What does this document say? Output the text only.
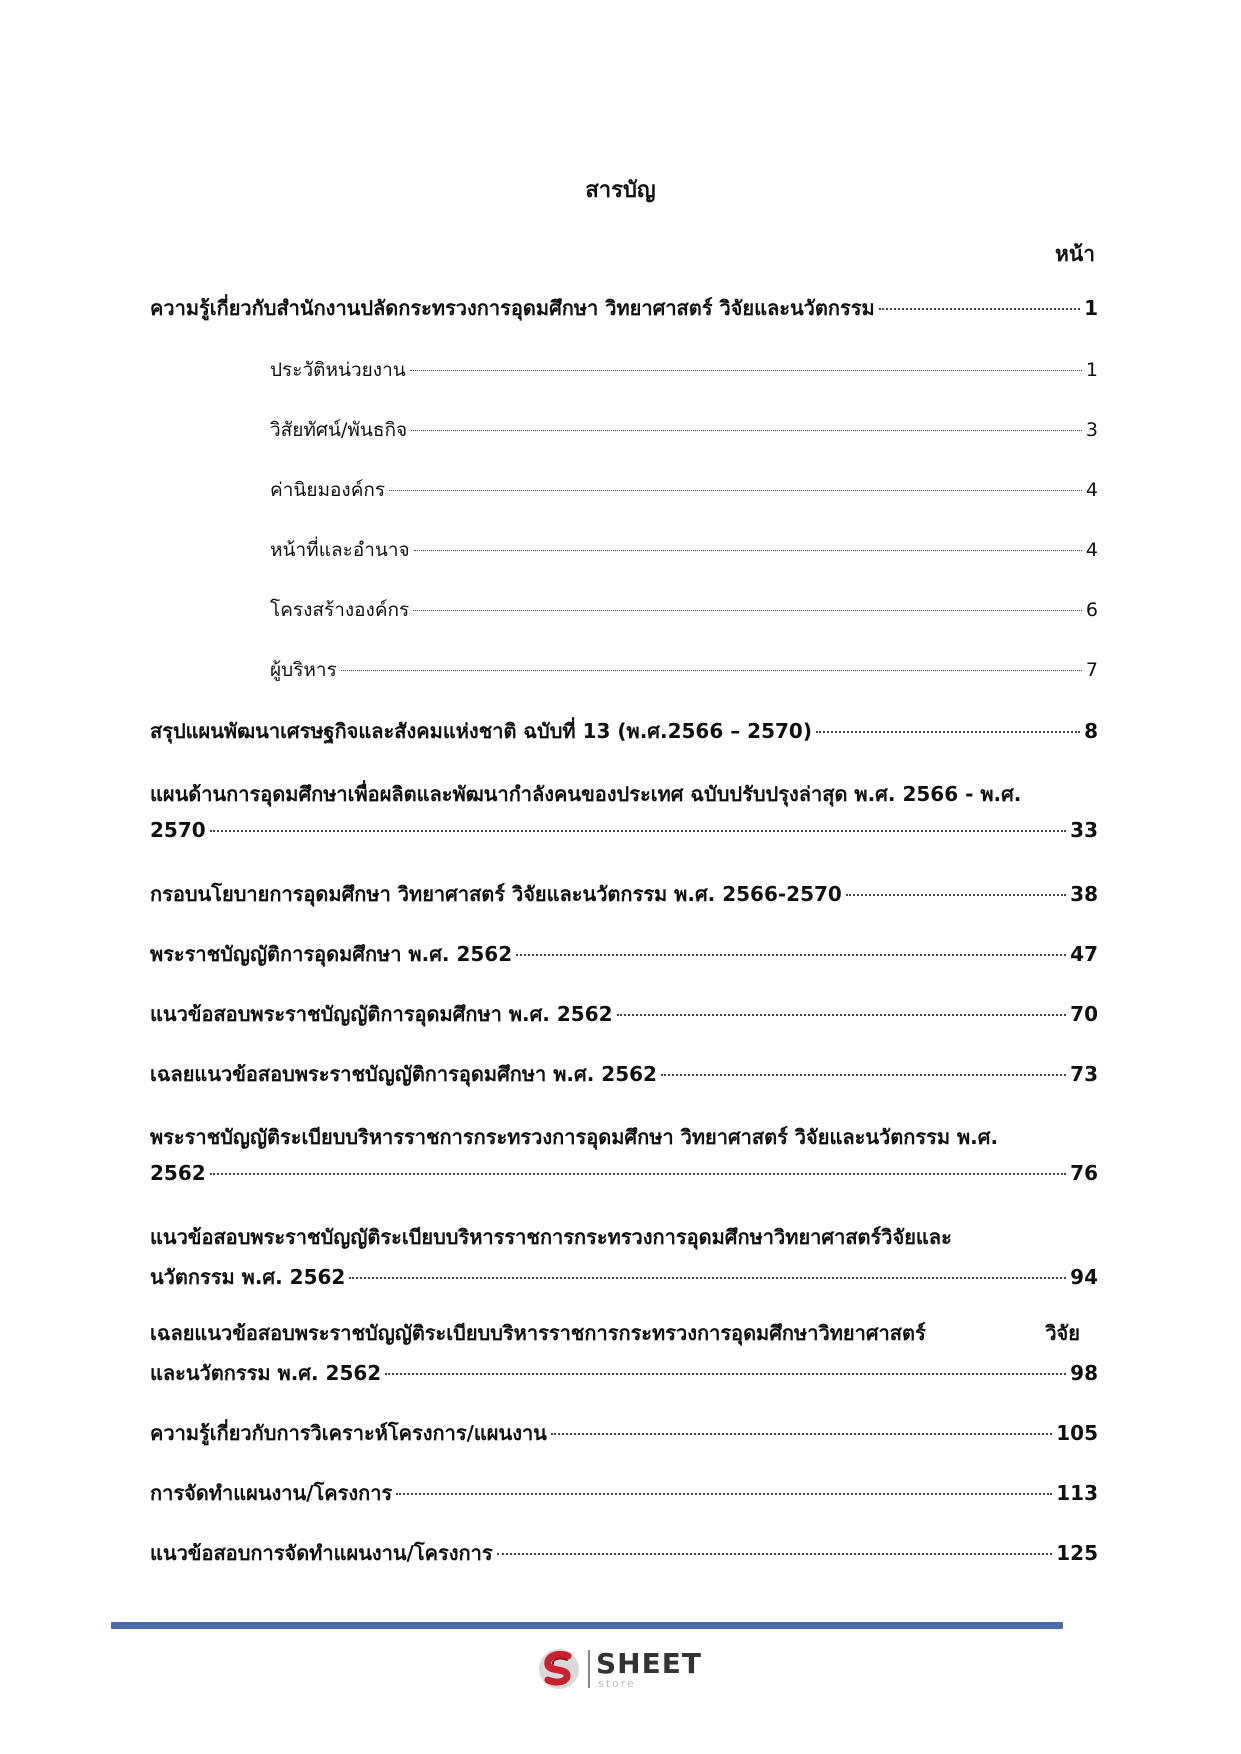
สารบัญ
หน้า
ความรู้เกี่ยวกับสำนักงานปลัดกระทรวงการอุดมศึกษา วิทยาศาสตร์ วิจัยและนวัตกรรม	1
ประวัติหน่วยงาน	1
วิสัยทัศน์/พันธกิจ	3
ค่านิยมองค์กร	4
หน้าที่และอำนาจ	4
โครงสร้างองค์กร	6
ผู้บริหาร	7
สรุปแผนพัฒนาเศรษฐกิจและสังคมแห่งชาติ ฉบับที่ 13 (พ.ศ.2566 – 2570)	8
แผนด้านการอุดมศึกษาเพื่อผลิตและพัฒนากำลังคนของประเทศ ฉบับปรับปรุงล่าสุด พ.ศ. 2566 - พ.ศ.
2570	33
กรอบนโยบายการอุดมศึกษา วิทยาศาสตร์ วิจัยและนวัตกรรม พ.ศ. 2566-2570	38
พระราชบัญญัติการอุดมศึกษา พ.ศ. 2562	47
แนวข้อสอบพระราชบัญญัติการอุดมศึกษา พ.ศ. 2562	70
เฉลยแนวข้อสอบพระราชบัญญัติการอุดมศึกษา พ.ศ. 2562	73
พระราชบัญญัติระเบียบบริหารราชการกระทรวงการอุดมศึกษา วิทยาศาสตร์ วิจัยและนวัตกรรม พ.ศ.
2562	76
แนวข้อสอบพระราชบัญญัติระเบียบบริหารราชการกระทรวงการอุดมศึกษาวิทยาศาสตร์วิจัยและ
นวัตกรรม พ.ศ. 2562	94
เฉลยแนวข้อสอบพระราชบัญญัติระเบียบบริหารราชการกระทรวงการอุดมศึกษาวิทยาศาสตร์	วิจัย
และนวัตกรรม พ.ศ. 2562	98
ความรู้เกี่ยวกับการวิเคราะห์โครงการ/แผนงาน	105
การจัดทำแผนงาน/โครงการ	113
แนวข้อสอบการจัดทำแผนงาน/โครงการ	125
SHEET
store
